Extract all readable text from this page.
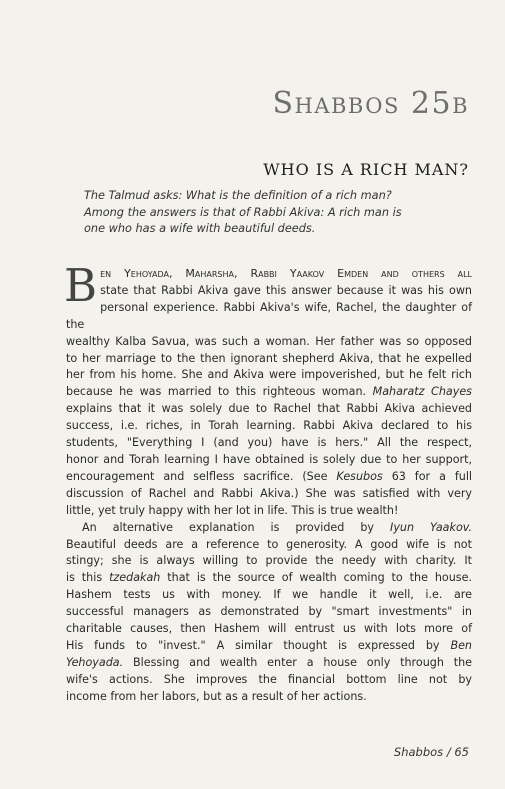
Shabbos 25b
WHO IS A RICH MAN?
The Talmud asks: What is the definition of a rich man?
Among the answers is that of Rabbi Akiva: A rich man is
one who has a wife with beautiful deeds.
B en Yehoyada, Maharsha, Rabbi Yaakov Emden and others all
state that Rabbi Akiva gave this answer because it was his own
personal experience. Rabbi Akiva's wife, Rachel, the daughter of the
wealthy Kalba Savua, was such a woman. Her father was so opposed
to her marriage to the then ignorant shepherd Akiva, that he expelled
her from his home. She and Akiva were impoverished, but he felt rich
because he was married to this righteous woman. Maharatz Chayes
explains that it was solely due to Rachel that Rabbi Akiva achieved
success, i.e. riches, in Torah learning. Rabbi Akiva declared to his
students, "Everything I (and you) have is hers." All the respect,
honor and Torah learning I have obtained is solely due to her support,
encouragement and selfless sacrifice. (See Kesubos 63 for a full
discussion of Rachel and Rabbi Akiva.) She was satisfied with very
little, yet truly happy with her lot in life. This is true wealth!
An alternative explanation is provided by Iyun Yaakov.
Beautiful deeds are a reference to generosity. A good wife is not
stingy; she is always willing to provide the needy with charity. It
is this tzedakah that is the source of wealth coming to the house.
Hashem tests us with money. If we handle it well, i.e. are
successful managers as demonstrated by "smart investments" in
charitable causes, then Hashem will entrust us with lots more of
His funds to "invest." A similar thought is expressed by Ben
Yehoyada. Blessing and wealth enter a house only through the
wife's actions. She improves the financial bottom line not by
income from her labors, but as a result of her actions.
Shabbos / 65
